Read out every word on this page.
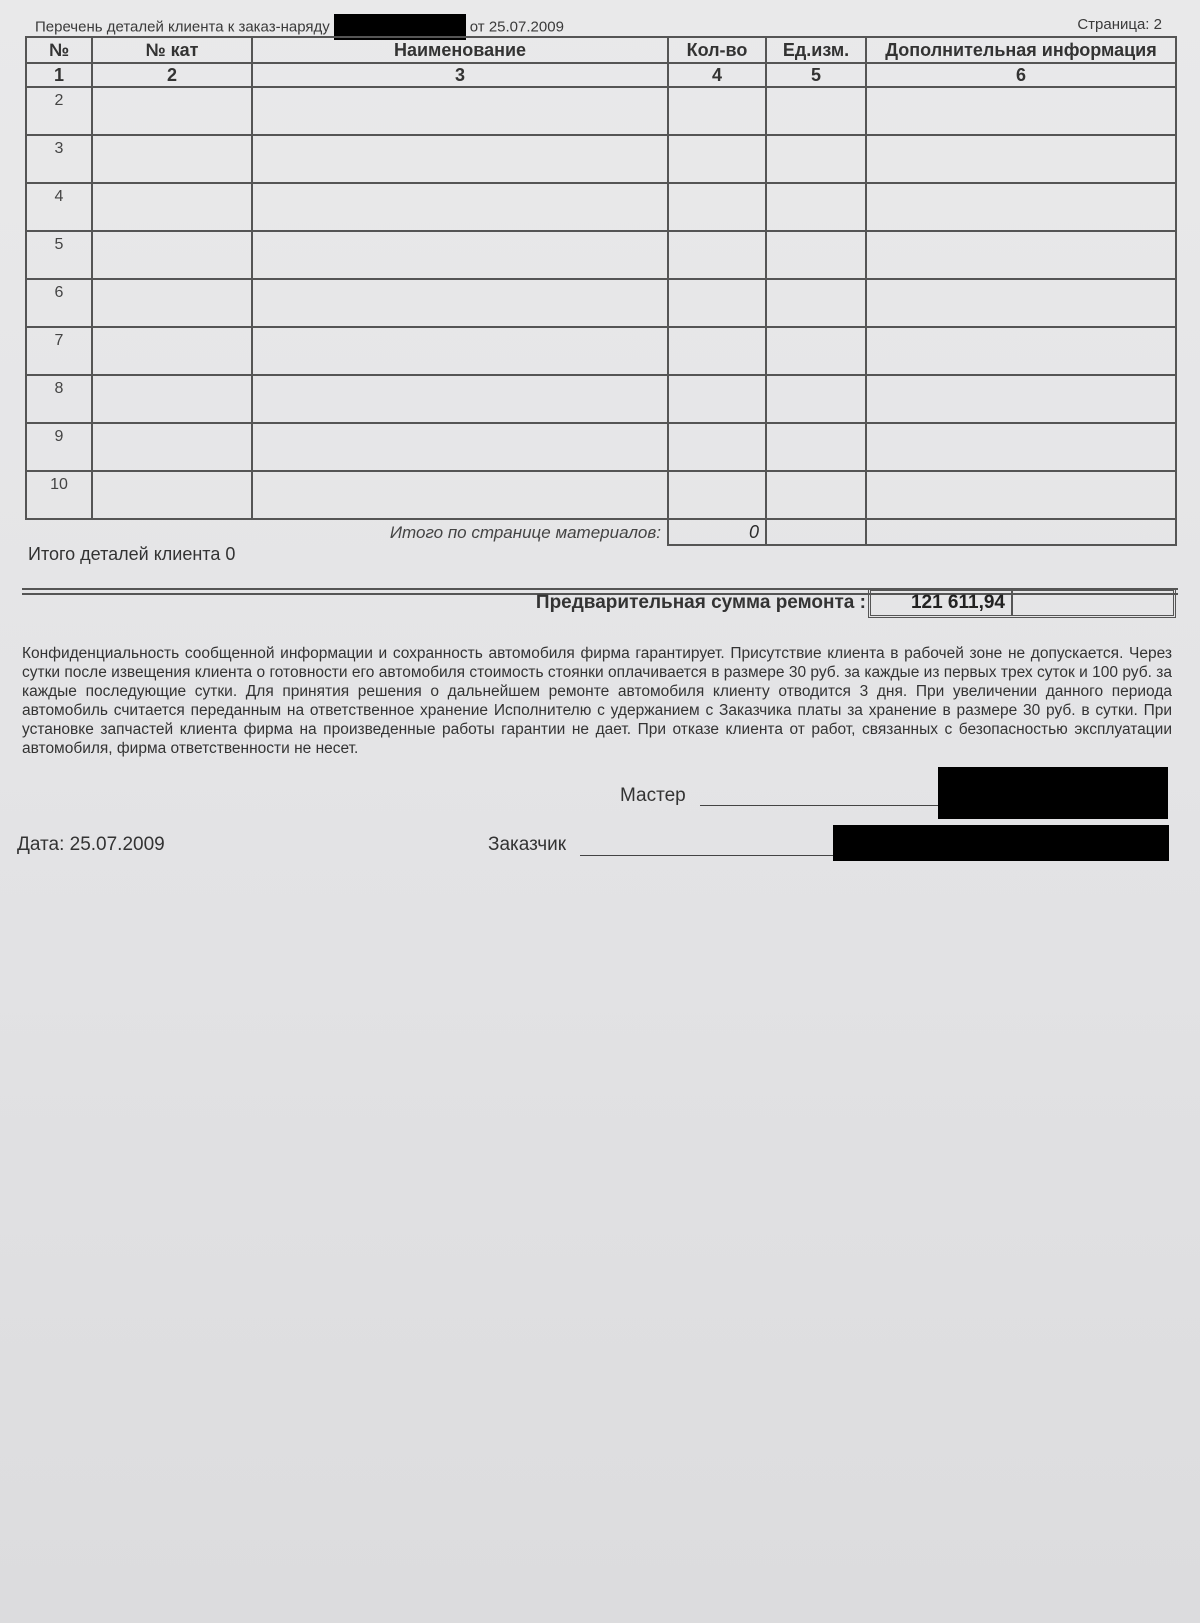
Перечень деталей клиента к заказ-наряду	от 25.07.2009	Страница: 2
№	№ кат	Наименование	Кол-во	Ед.изм.	Дополнительная информация
1	2	3	4	5	6
2					
3					
4					
5					
6					
7					
8					
9					
10					
Итого по странице материалов:			0		
Итого деталей клиента 0
Предварительная сумма ремонта :	121 611,94
Конфиденциальность сообщенной информации и сохранность автомобиля фирма гарантирует. Присутствие клиента в рабочей зоне не допускается. Через сутки после извещения клиента о готовности его автомобиля стоимость стоянки оплачивается в размере 30 руб. за каждые из первых трех суток и 100 руб. за каждые последующие сутки. Для принятия решения о дальнейшем ремонте автомобиля клиенту отводится 3 дня. При увеличении данного периода автомобиль считается переданным на ответственное хранение Исполнителю с удержанием с Заказчика платы за хранение в размере 30 руб. в сутки. При установке запчастей клиента фирма на произведенные работы гарантии не дает. При отказе клиента от работ, связанных с безопасностью эксплуатации автомобиля, фирма ответственности не несет.
Мастер
Дата: 25.07.2009	Заказчик
